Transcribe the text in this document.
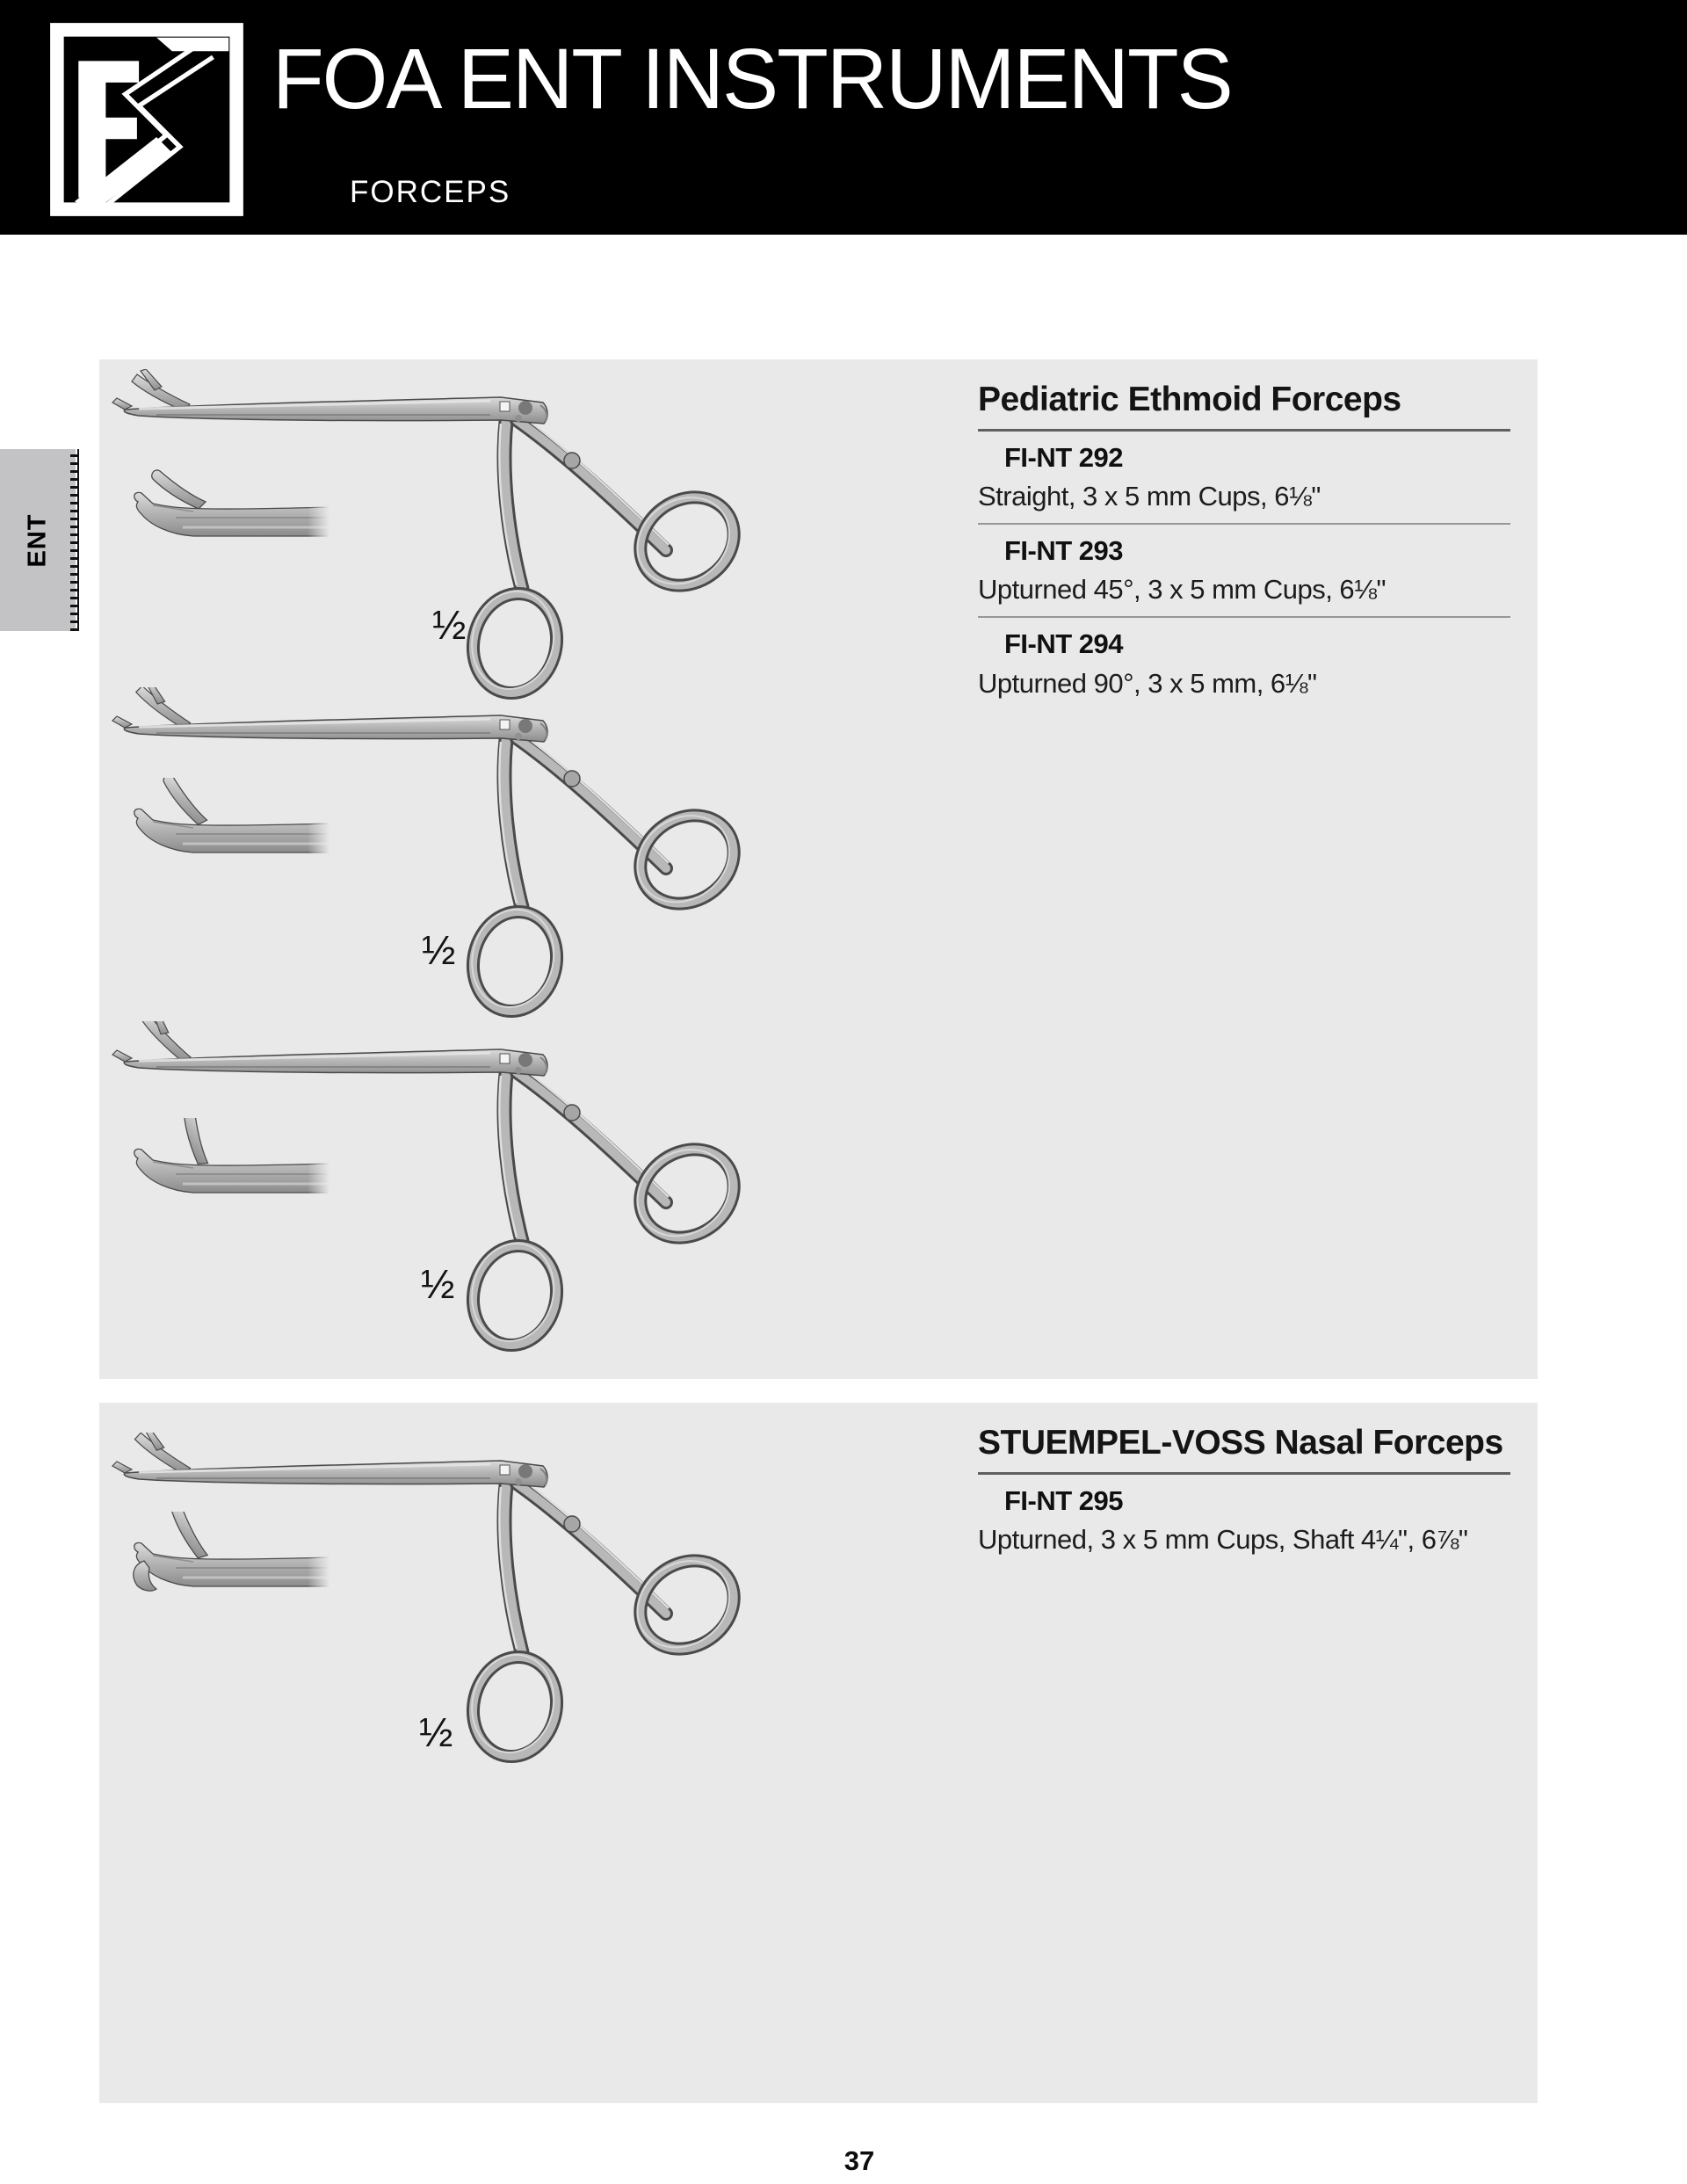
FOA ENT INSTRUMENTS
FORCEPS
ENT
Pediatric Ethmoid Forceps
FI-NT 292
Straight, 3 x 5 mm Cups, 6⅛"
FI-NT 293
Upturned 45°, 3 x 5 mm Cups, 6⅛"
FI-NT 294
Upturned 90°, 3 x 5 mm, 6⅛"
STUEMPEL-VOSS Nasal Forceps
FI-NT 295
Upturned, 3 x 5 mm Cups, Shaft 4¼", 6⅞"
½
½
½
½
37
